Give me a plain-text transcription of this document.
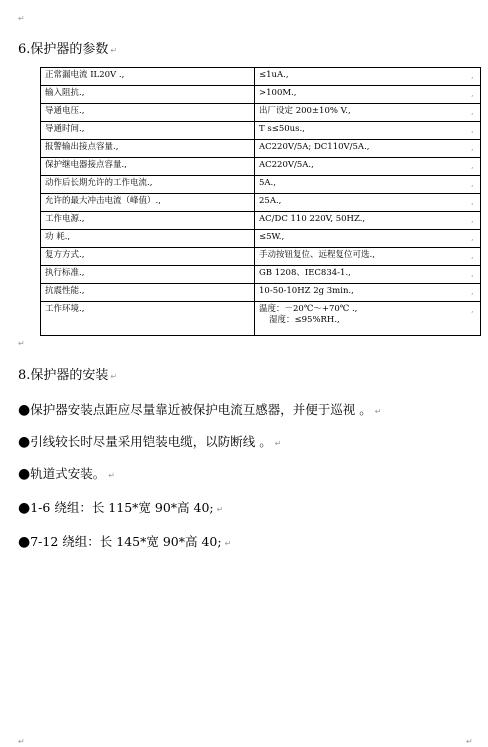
↵
6.保护器的参数 ↵
正常漏电流 IL20V .,	≤1uA.,

输入阻抗.,	>100M.,

导通电压.,	出厂设定 200±10% V.,

导通时间.,	T s≤50us.,

报警输出接点容量.,	AC220V/5A; DC110V/5A.,

保护继电器接点容量.,	AC220V/5A.,

动作后长期允许的工作电流.,	5A.,

允许的最大冲击电流（峰值）.,	25A.,

工作电源.,	AC/DC 110 220V, 50HZ.,

功 耗.,	≤5W.,

复方方式.,	手动按钮复位、远程复位可选.,

执行标准.,	GB 1208、IEC834-1.,

抗震性能.,	10-50-10HZ 2g 3min.,

工作环境.,	温度：－20℃～+70℃ .,
湿度：≤95%RH.,
,
,
,
,
,
,
,
,
,
,
,
,
,
,
↵
8.保护器的安装 ↵
●保护器安装点距应尽量靠近被保护电流互感器，并便于巡视 。 ↵
●引线较长时尽量采用铠装电缆，以防断线 。 ↵
●轨道式安装。 ↵
●1-6 绕组：长 115*宽 90*高 40; ↵
●7-12 绕组：长 145*宽 90*高 40; ↵
↵	↵
